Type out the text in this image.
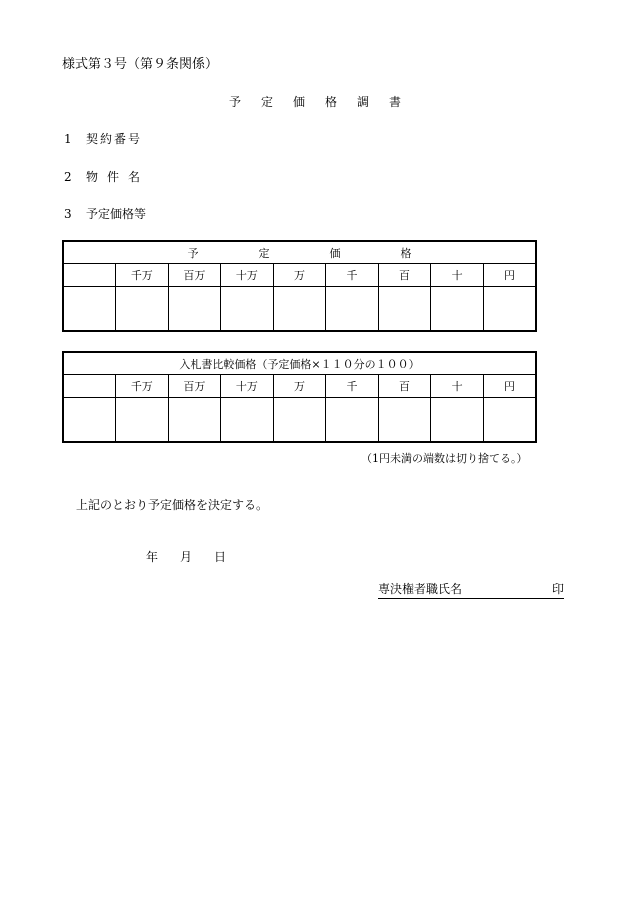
様式第３号（第９条関係）
予 定 価 格 調 書
1 契約番号
2 物件名
3 予定価格等
予 定 価 格								
	千万	百万	十万	万	千	百	十	円

入札書比較価格（予定価格×１１０分の１００）								
	千万	百万	十万	万	千	百	十	円

（1円未満の端数は切り捨てる。）
上記のとおり予定価格を決定する。
年 月 日
専決権者職氏名	印
